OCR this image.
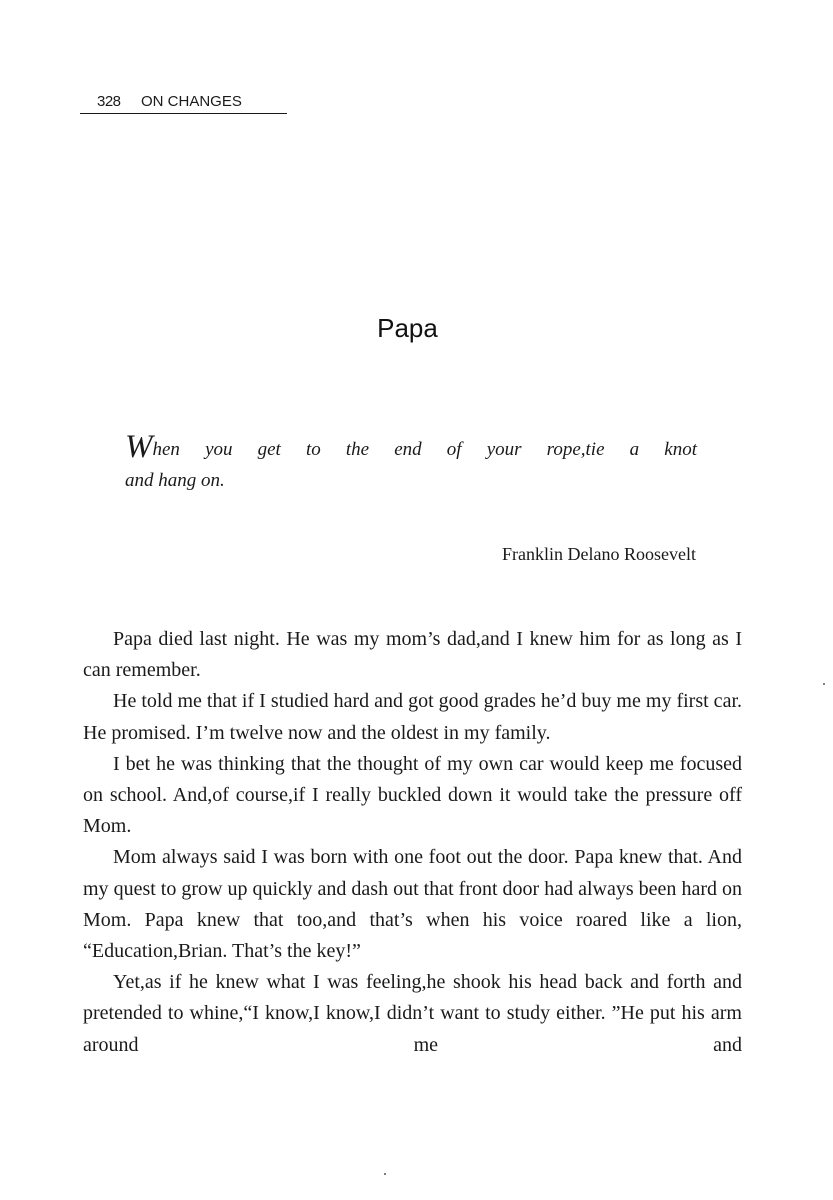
328 ON CHANGES
Papa
When you get to the end of your rope,tie a knot
and hang on.
Franklin Delano Roosevelt

Papa died last night. He was my mom’s dad,and I knew him for as long as I can remember.

He told me that if I studied hard and got good grades he’d buy me my first car. He promised. I’m twelve now and the oldest in my family.

I bet he was thinking that the thought of my own car would keep me focused on school. And,of course,if I really buckled down it would take the pressure off Mom.

Mom always said I was born with one foot out the door. Papa knew that. And my quest to grow up quickly and dash out that front door had always been hard on Mom. Papa knew that too,and that’s when his voice roared like a lion, “Education,Brian. That’s the key!”

Yet,as if he knew what I was feeling,he shook his head back and forth and pretended to whine,“I know,I know,I didn’t want to study either. ”He put his arm around me and
